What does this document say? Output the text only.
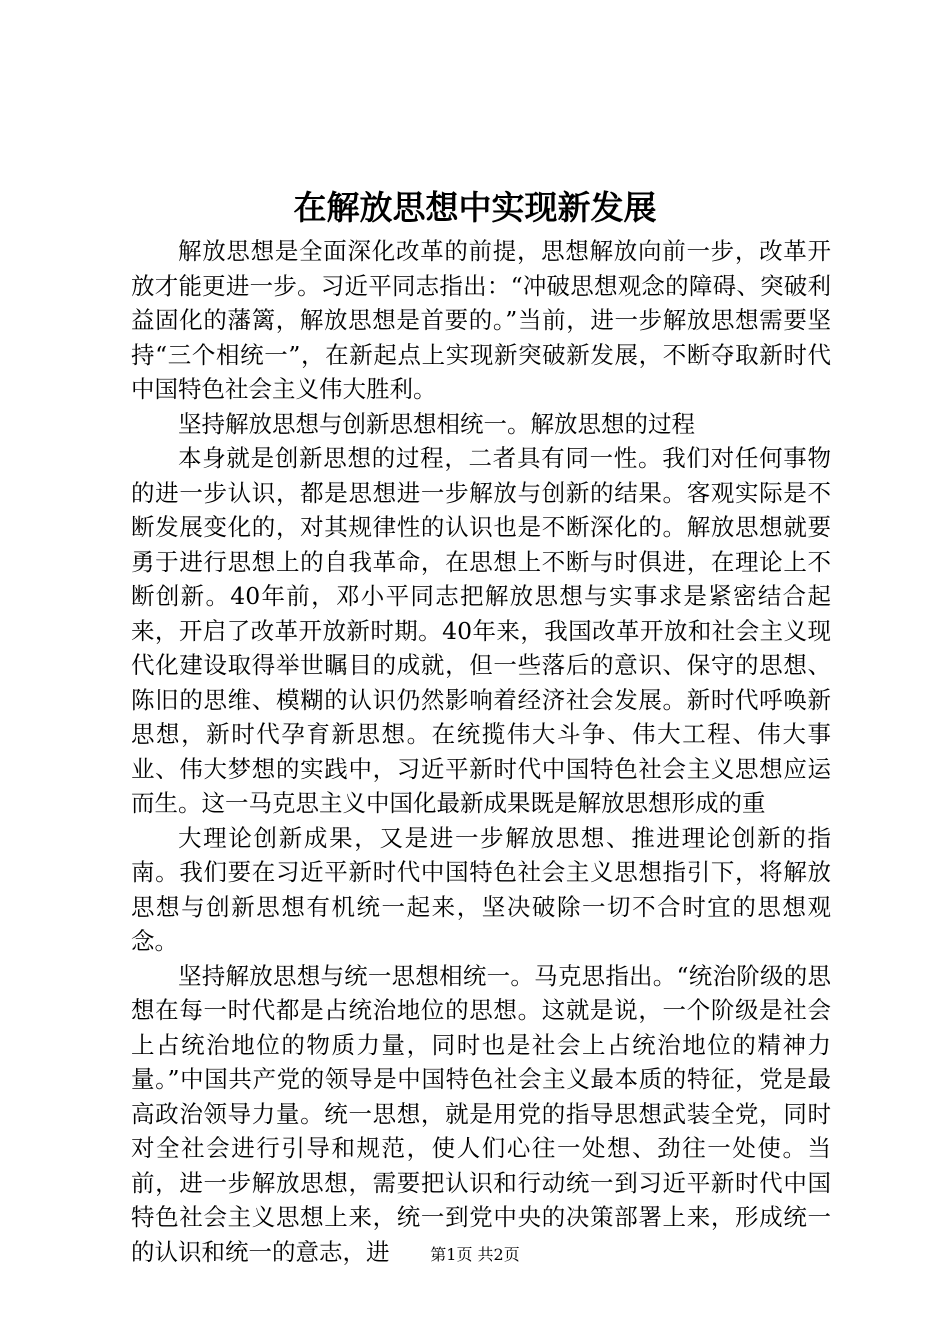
在解放思想中实现新发展

解放思想是全面深化改革的前提，思想解放向前一步，改革开放才能更进一步。习近平同志指出：“冲破思想观念的障碍、突破利益固化的藩篱，解放思想是首要的。”当前，进一步解放思想需要坚持“三个相统一”，在新起点上实现新突破新发展，不断夺取新时代中国特色社会主义伟大胜利。

坚持解放思想与创新思想相统一。解放思想的过程

本身就是创新思想的过程，二者具有同一性。我们对任何事物的进一步认识，都是思想进一步解放与创新的结果。客观实际是不断发展变化的，对其规律性的认识也是不断深化的。解放思想就要勇于进行思想上的自我革命，在思想上不断与时俱进，在理论上不断创新。40年前，邓小平同志把解放思想与实事求是紧密结合起来，开启了改革开放新时期。40年来，我国改革开放和社会主义现代化建设取得举世瞩目的成就，但一些落后的意识、保守的思想、陈旧的思维、模糊的认识仍然影响着经济社会发展。新时代呼唤新思想，新时代孕育新思想。在统揽伟大斗争、伟大工程、伟大事业、伟大梦想的实践中，习近平新时代中国特色社会主义思想应运而生。这一马克思主义中国化最新成果既是解放思想形成的重

大理论创新成果，又是进一步解放思想、推进理论创新的指南。我们要在习近平新时代中国特色社会主义思想指引下，将解放思想与创新思想有机统一起来，坚决破除一切不合时宜的思想观念。

坚持解放思想与统一思想相统一。马克思指出。“统治阶级的思想在每一时代都是占统治地位的思想。这就是说，一个阶级是社会上占统治地位的物质力量，同时也是社会上占统治地位的精神力量。”中国共产党的领导是中国特色社会主义最本质的特征，党是最高政治领导力量。统一思想，就是用党的指导思想武装全党，同时对全社会进行引导和规范，使人们心往一处想、劲往一处使。当前，进一步解放思想，需要把认识和行动统一到习近平新时代中国特色社会主义思想上来，统一到党中央的决策部署上来，形成统一的认识和统一的意志，进	第1页 共2页
